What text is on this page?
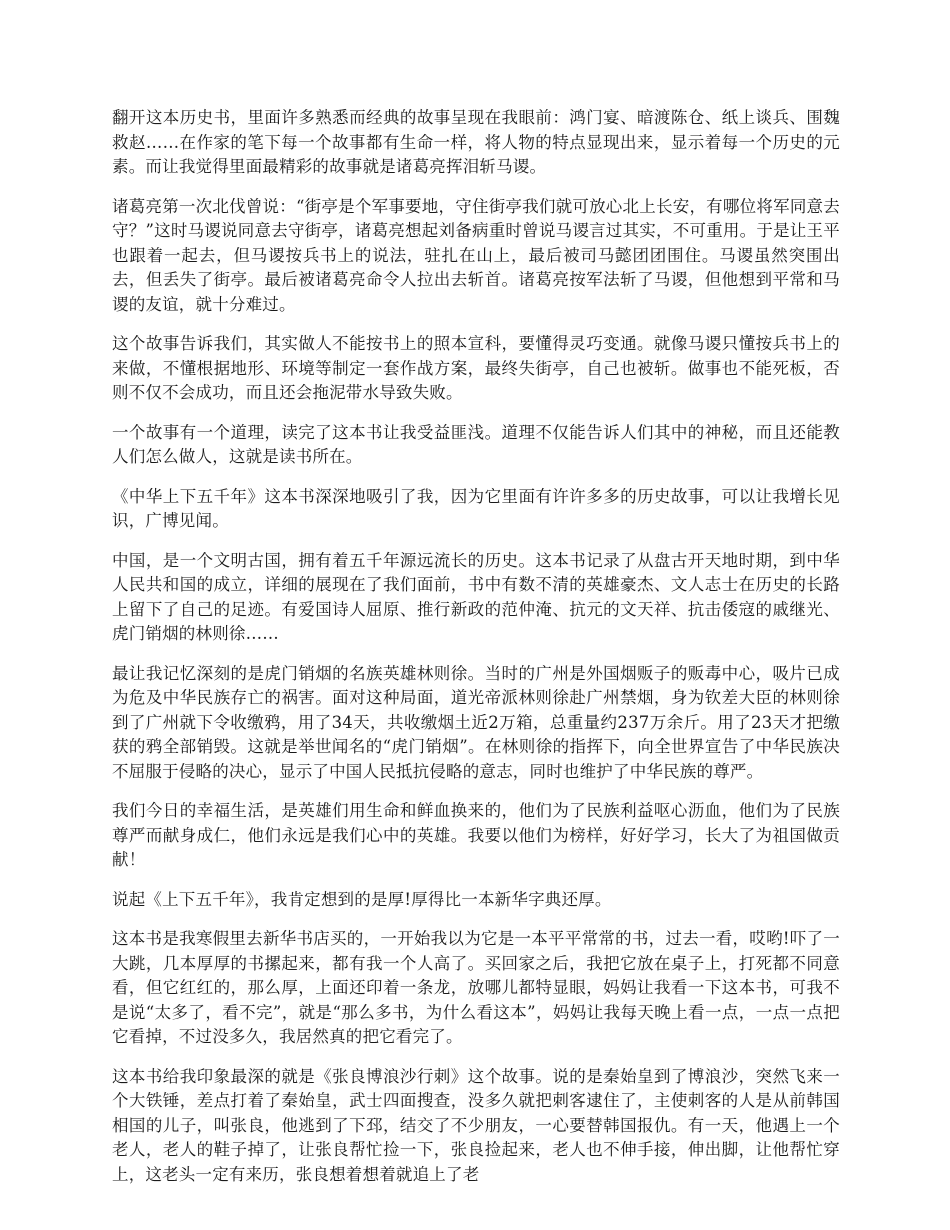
翻开这本历史书，里面许多熟悉而经典的故事呈现在我眼前：鸿门宴、暗渡陈仓、纸上谈兵、围魏救赵……在作家的笔下每一个故事都有生命一样，将人物的特点显现出来，显示着每一个历史的元素。而让我觉得里面最精彩的故事就是诸葛亮挥泪斩马谡。

诸葛亮第一次北伐曾说：“街亭是个军事要地，守住街亭我们就可放心北上长安，有哪位将军同意去守？”这时马谡说同意去守街亭，诸葛亮想起刘备病重时曾说马谡言过其实，不可重用。于是让王平也跟着一起去，但马谡按兵书上的说法，驻扎在山上，最后被司马懿团团围住。马谡虽然突围出去，但丢失了街亭。最后被诸葛亮命令人拉出去斩首。诸葛亮按军法斩了马谡，但他想到平常和马谡的友谊，就十分难过。

这个故事告诉我们，其实做人不能按书上的照本宣科，要懂得灵巧变通。就像马谡只懂按兵书上的来做，不懂根据地形、环境等制定一套作战方案，最终失街亭，自己也被斩。做事也不能死板，否则不仅不会成功，而且还会拖泥带水导致失败。

一个故事有一个道理，读完了这本书让我受益匪浅。道理不仅能告诉人们其中的神秘，而且还能教人们怎么做人，这就是读书所在。

《中华上下五千年》这本书深深地吸引了我，因为它里面有许许多多的历史故事，可以让我增长见识，广博见闻。

中国，是一个文明古国，拥有着五千年源远流长的历史。这本书记录了从盘古开天地时期，到中华人民共和国的成立，详细的展现在了我们面前，书中有数不清的英雄豪杰、文人志士在历史的长路上留下了自己的足迹。有爱国诗人屈原、推行新政的范仲淹、抗元的文天祥、抗击倭寇的戚继光、虎门销烟的林则徐……

最让我记忆深刻的是虎门销烟的名族英雄林则徐。当时的广州是外国烟贩子的贩毒中心，吸片已成为危及中华民族存亡的祸害。面对这种局面，道光帝派林则徐赴广州禁烟，身为钦差大臣的林则徐到了广州就下令收缴鸦，用了34天，共收缴烟土近2万箱，总重量约237万余斤。用了23天才把缴获的鸦全部销毁。这就是举世闻名的“虎门销烟”。在林则徐的指挥下，向全世界宣告了中华民族决不屈服于侵略的决心，显示了中国人民抵抗侵略的意志，同时也维护了中华民族的尊严。

我们今日的幸福生活，是英雄们用生命和鲜血换来的，他们为了民族利益呕心沥血，他们为了民族尊严而献身成仁，他们永远是我们心中的英雄。我要以他们为榜样，好好学习，长大了为祖国做贡献！

说起《上下五千年》，我肯定想到的是厚!厚得比一本新华字典还厚。

这本书是我寒假里去新华书店买的，一开始我以为它是一本平平常常的书，过去一看，哎哟!吓了一大跳，几本厚厚的书摞起来，都有我一个人高了。买回家之后，我把它放在桌子上，打死都不同意看，但它红红的，那么厚，上面还印着一条龙，放哪儿都特显眼，妈妈让我看一下这本书，可我不是说“太多了，看不完”，就是“那么多书，为什么看这本”，妈妈让我每天晚上看一点，一点一点把它看掉，不过没多久，我居然真的把它看完了。

这本书给我印象最深的就是《张良博浪沙行刺》这个故事。说的是秦始皇到了博浪沙，突然飞来一个大铁锤，差点打着了秦始皇，武士四面搜查，没多久就把刺客逮住了，主使刺客的人是从前韩国相国的儿子，叫张良，他逃到了下邳，结交了不少朋友，一心要替韩国报仇。有一天，他遇上一个老人，老人的鞋子掉了，让张良帮忙捡一下，张良捡起来，老人也不伸手接，伸出脚，让他帮忙穿上，这老头一定有来历，张良想着想着就追上了老
